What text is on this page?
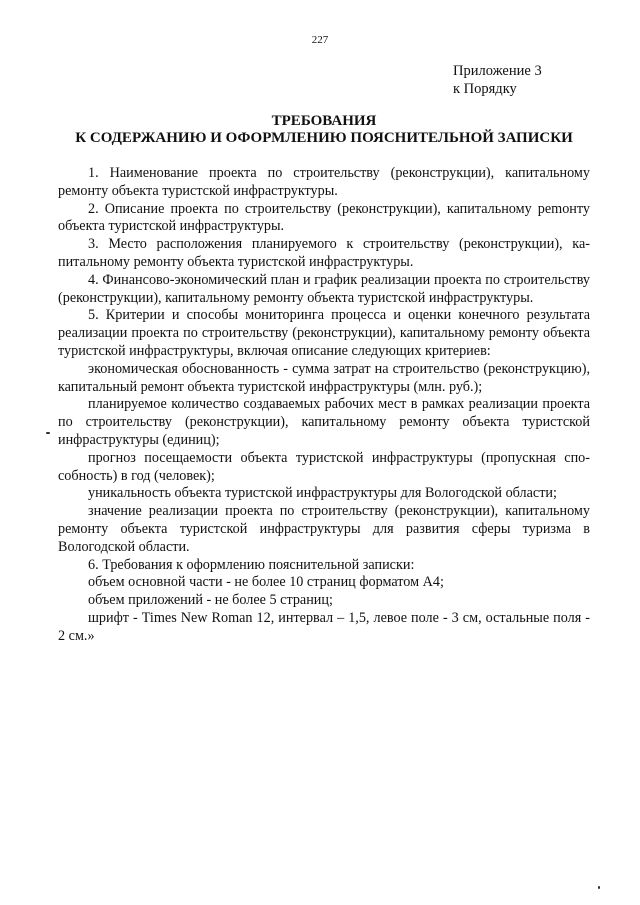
227
Приложение 3
к Порядку
ТРЕБОВАНИЯ
К СОДЕРЖАНИЮ И ОФОРМЛЕНИЮ ПОЯСНИТЕЛЬНОЙ ЗАПИСКИ

1. Наименование проекта по строительству (реконструкции), капитальному ремонту объекта туристской инфраструктуры.

2. Описание проекта по строительству (реконструкции), капитальному реmонту объекта туристской инфраструктуры.

3. Место расположения планируемого к строительству (реконструкции), капитальному ремонту объекта туристской инфраструктуры.

4. Финансово-экономический план и график реализации проекта по строительству (реконструкции), капитальному ремонту объекта туристской инфраструктуры.

5. Критерии и способы мониторинга процесса и оценки конечного результата реализации проекта по строительству (реконструкции), капитальному ремонту объекта туристской инфраструктуры, включая описание следующих критериев:

экономическая обоснованность - сумма затрат на строительство (реконструкцию), капитальный ремонт объекта туристской инфраструктуры (млн. руб.);

планируемое количество создаваемых рабочих мест в рамках реализации проекта по строительству (реконструкции), капитальному ремонту объекта туристской инфраструктуры (единиц);

прогноз посещаемости объекта туристской инфраструктуры (пропускная способность) в год (человек);

уникальность объекта туристской инфраструктуры для Вологодской области;

значение реализации проекта по строительству (реконструкции), капитальному ремонту объекта туристской инфраструктуры для развития сферы туризма в Вологодской области.

6. Требования к оформлению пояснительной записки:

объем основной части - не более 10 страниц форматом А4;

объем приложений - не более 5 страниц;

шрифт - Times New Roman 12, интервал – 1,5, левое поле - 3 см, остальные поля - 2 см.»
